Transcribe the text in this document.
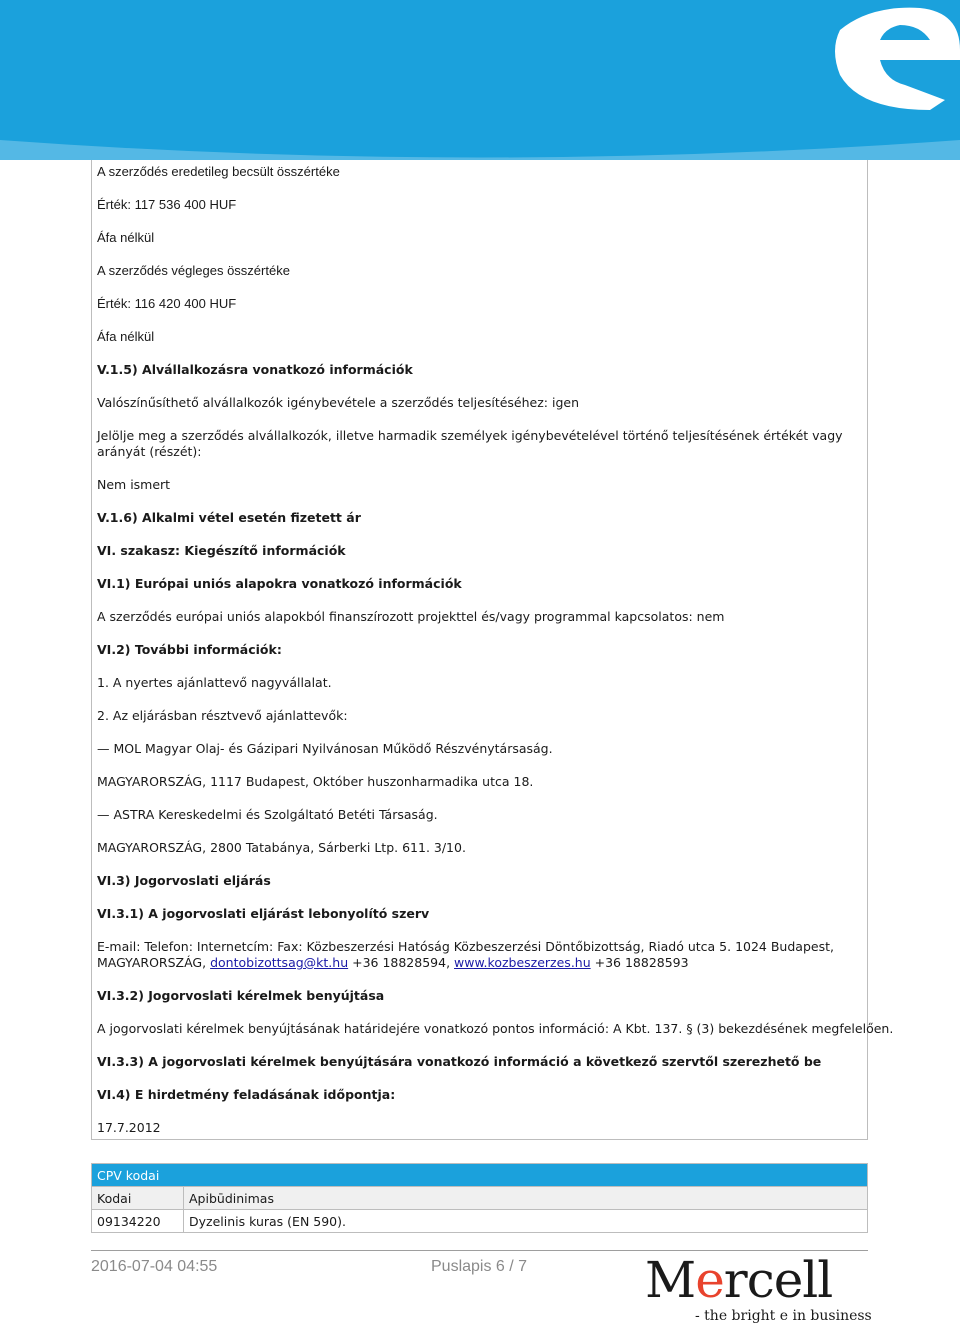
A szerződés eredetileg becsült összértéke

Érték: 117 536 400 HUF

Áfa nélkül

A szerződés végleges összértéke

Érték: 116 420 400 HUF

Áfa nélkül

V.1.5) Alvállalkozásra vonatkozó információk

Valószínűsíthető alvállalkozók igénybevétele a szerződés teljesítéséhez: igen

Jelölje meg a szerződés alvállalkozók, illetve harmadik személyek igénybevételével történő teljesítésének értékét vagy arányát (részét):

Nem ismert

V.1.6) Alkalmi vétel esetén fizetett ár

VI. szakasz: Kiegészítő információk

VI.1) Európai uniós alapokra vonatkozó információk

A szerződés európai uniós alapokból finanszírozott projekttel és/vagy programmal kapcsolatos: nem

VI.2) További információk:

1. A nyertes ajánlattevő nagyvállalat.

2. Az eljárásban résztvevő ajánlattevők:

— MOL Magyar Olaj- és Gázipari Nyilvánosan Működő Részvénytársaság.

MAGYARORSZÁG, 1117 Budapest, Október huszonharmadika utca 18.

— ASTRA Kereskedelmi és Szolgáltató Betéti Társaság.

MAGYARORSZÁG, 2800 Tatabánya, Sárberki Ltp. 611. 3/10.

VI.3) Jogorvoslati eljárás

VI.3.1) A jogorvoslati eljárást lebonyolító szerv

E-mail: Telefon: Internetcím: Fax: Közbeszerzési Hatóság Közbeszerzési Döntőbizottság, Riadó utca 5. 1024 Budapest,

MAGYARORSZÁG, dontobizottsag@kt.hu +36 18828594, www.kozbeszerzes.hu +36 18828593

VI.3.2) Jogorvoslati kérelmek benyújtása

A jogorvoslati kérelmek benyújtásának határidejére vonatkozó pontos információ: A Kbt. 137. § (3) bekezdésének megfelelően.

VI.3.3) A jogorvoslati kérelmek benyújtására vonatkozó információ a következő szervtől szerezhető be

VI.4) E hirdetmény feladásának időpontja:

17.7.2012

CPV kodai	
Kodai	Apibūdinimas
09134220	Dyzelinis kuras (EN 590).
2016-07-04 04:55	Puslapis 6 / 7 Mercell
- the bright e in business
